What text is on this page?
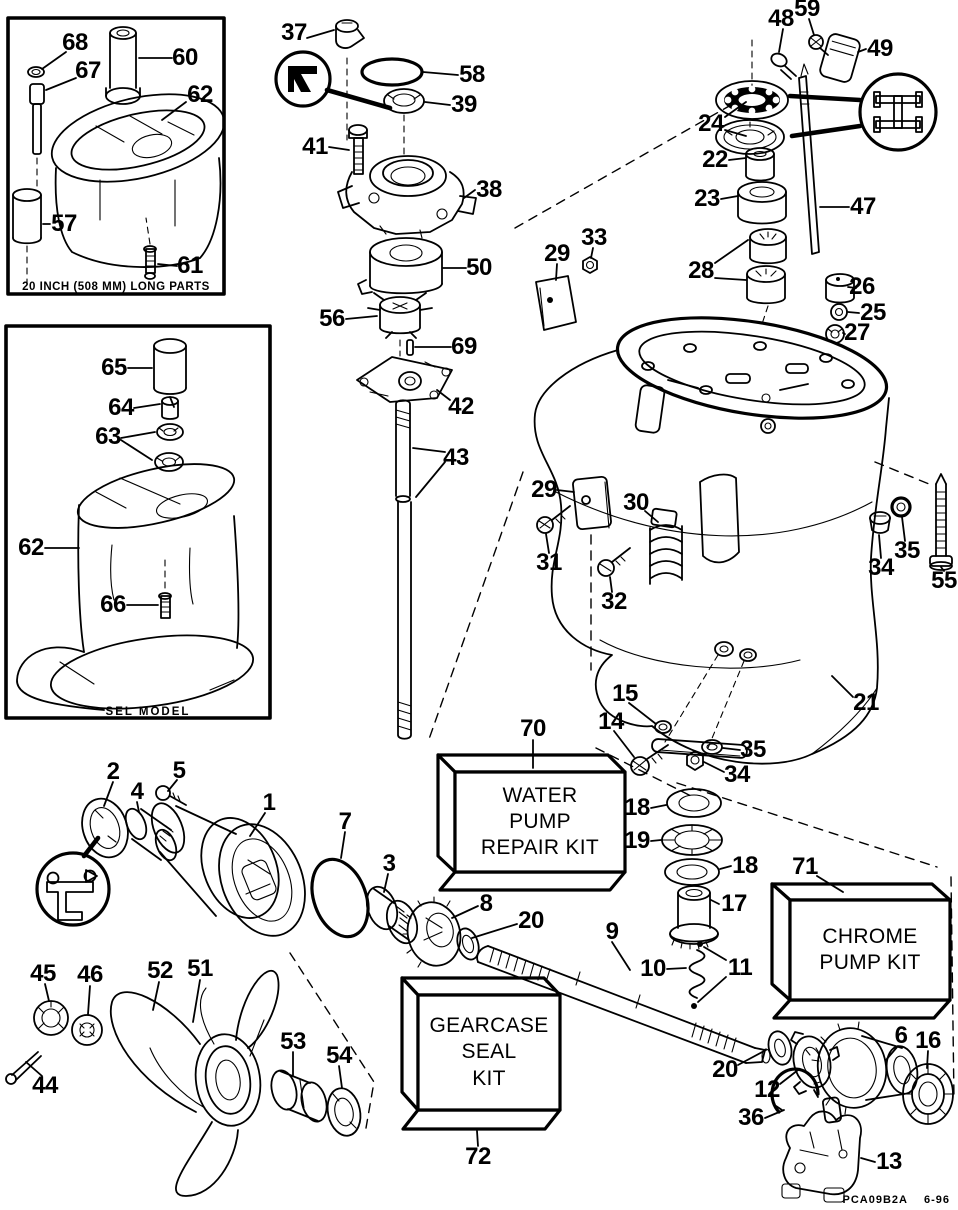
68
67	60
62
57
61
65
64
63
62
66
37
58
39
41
38
50
56
69
42
43
48 59
49
24
22
23	47
28
26
25
27
29
33
29
31
30
32
34
35
55
21
15
14
35
34
70
71
72
18
19
18
17
10	11
2 5
4	1
7
3
8
20	9
45 46 52 51
44
53
54
20
12
36
6 16
13
20 INCH (508 MM) LONG PARTS
SEL MODEL
WATER
PUMP
REPAIR KIT
CHROME
PUMP KIT
GEARCASE
SEAL
KIT
PCA09B2A 6-96
